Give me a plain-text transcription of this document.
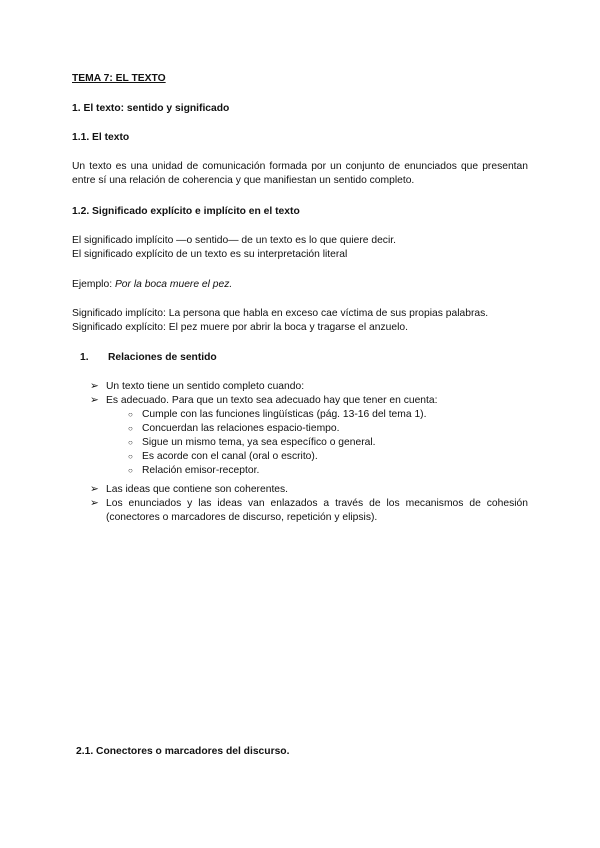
TEMA 7: EL TEXTO
1. El texto: sentido y significado
1.1. El texto
Un texto es una unidad de comunicación formada por un conjunto de enunciados que presentan entre sí una relación de coherencia y que manifiestan un sentido completo.
1.2. Significado explícito e implícito en el texto
El significado implícito —o sentido— de un texto es lo que quiere decir.
El significado explícito de un texto es su interpretación literal
Ejemplo: Por la boca muere el pez.
Significado implícito: La persona que habla en exceso cae víctima de sus propias palabras.
Significado explícito: El pez muere por abrir la boca y tragarse el anzuelo.
1. Relaciones de sentido
➢ Un texto tiene un sentido completo cuando:
➢ Es adecuado. Para que un texto sea adecuado hay que tener en cuenta:
○ Cumple con las funciones lingüísticas (pág. 13-16 del tema 1).
○ Concuerdan las relaciones espacio-tiempo.
○ Sigue un mismo tema, ya sea específico o general.
○ Es acorde con el canal (oral o escrito).
○ Relación emisor-receptor.
➢ Las ideas que contiene son coherentes.
➢ Los enunciados y las ideas van enlazados a través de los mecanismos de cohesión (conectores o marcadores de discurso, repetición y elipsis).
2.1. Conectores o marcadores del discurso.
